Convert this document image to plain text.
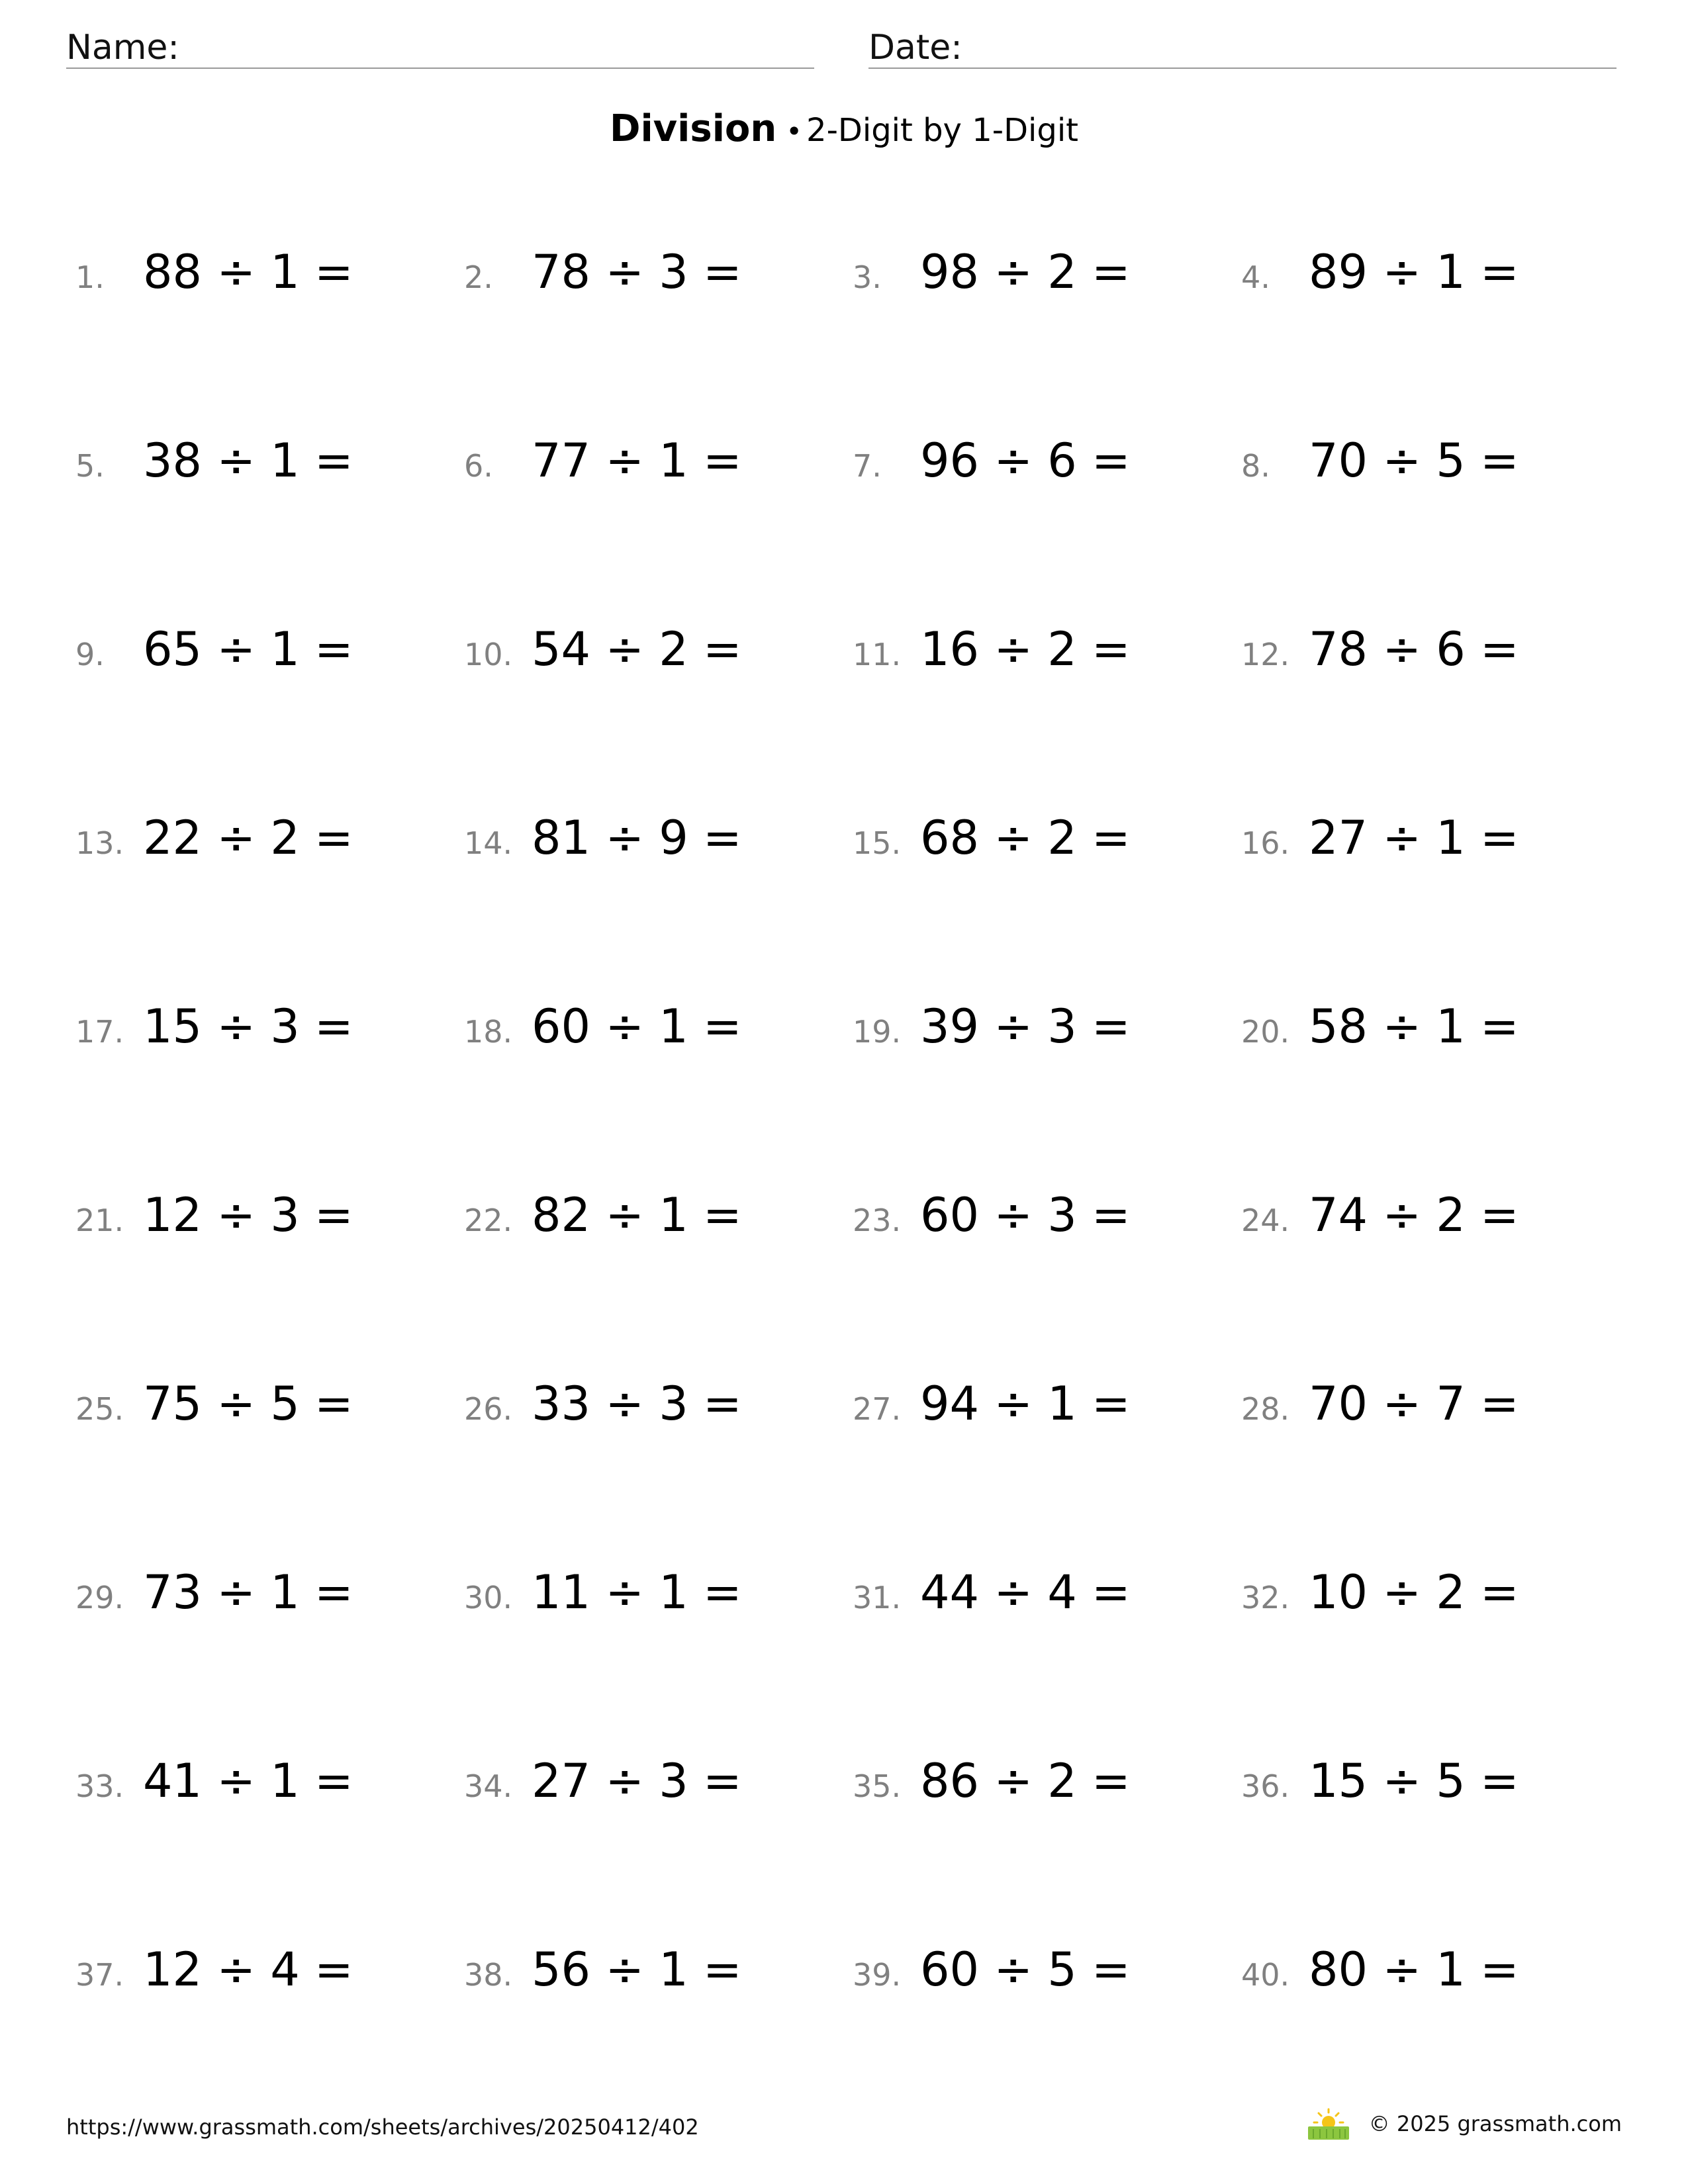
Name:	Date:
Division • 2-Digit by 1-Digit
1. 88 ÷ 1 =	2. 78 ÷ 3 =	3. 98 ÷ 2 =	4. 89 ÷ 1 =
5. 38 ÷ 1 =	6. 77 ÷ 1 =	7. 96 ÷ 6 =	8. 70 ÷ 5 =
9. 65 ÷ 1 =	10. 54 ÷ 2 =	11. 16 ÷ 2 =	12. 78 ÷ 6 =
13. 22 ÷ 2 =	14. 81 ÷ 9 =	15. 68 ÷ 2 =	16. 27 ÷ 1 =
17. 15 ÷ 3 =	18. 60 ÷ 1 =	19. 39 ÷ 3 =	20. 58 ÷ 1 =
21. 12 ÷ 3 =	22. 82 ÷ 1 =	23. 60 ÷ 3 =	24. 74 ÷ 2 =
25. 75 ÷ 5 =	26. 33 ÷ 3 =	27. 94 ÷ 1 =	28. 70 ÷ 7 =
29. 73 ÷ 1 =	30. 11 ÷ 1 =	31. 44 ÷ 4 =	32. 10 ÷ 2 =
33. 41 ÷ 1 =	34. 27 ÷ 3 =	35. 86 ÷ 2 =	36. 15 ÷ 5 =
37. 12 ÷ 4 =	38. 56 ÷ 1 =	39. 60 ÷ 5 =	40. 80 ÷ 1 =
https://www.grassmath.com/sheets/archives/20250412/402	© 2025 grassmath.com
